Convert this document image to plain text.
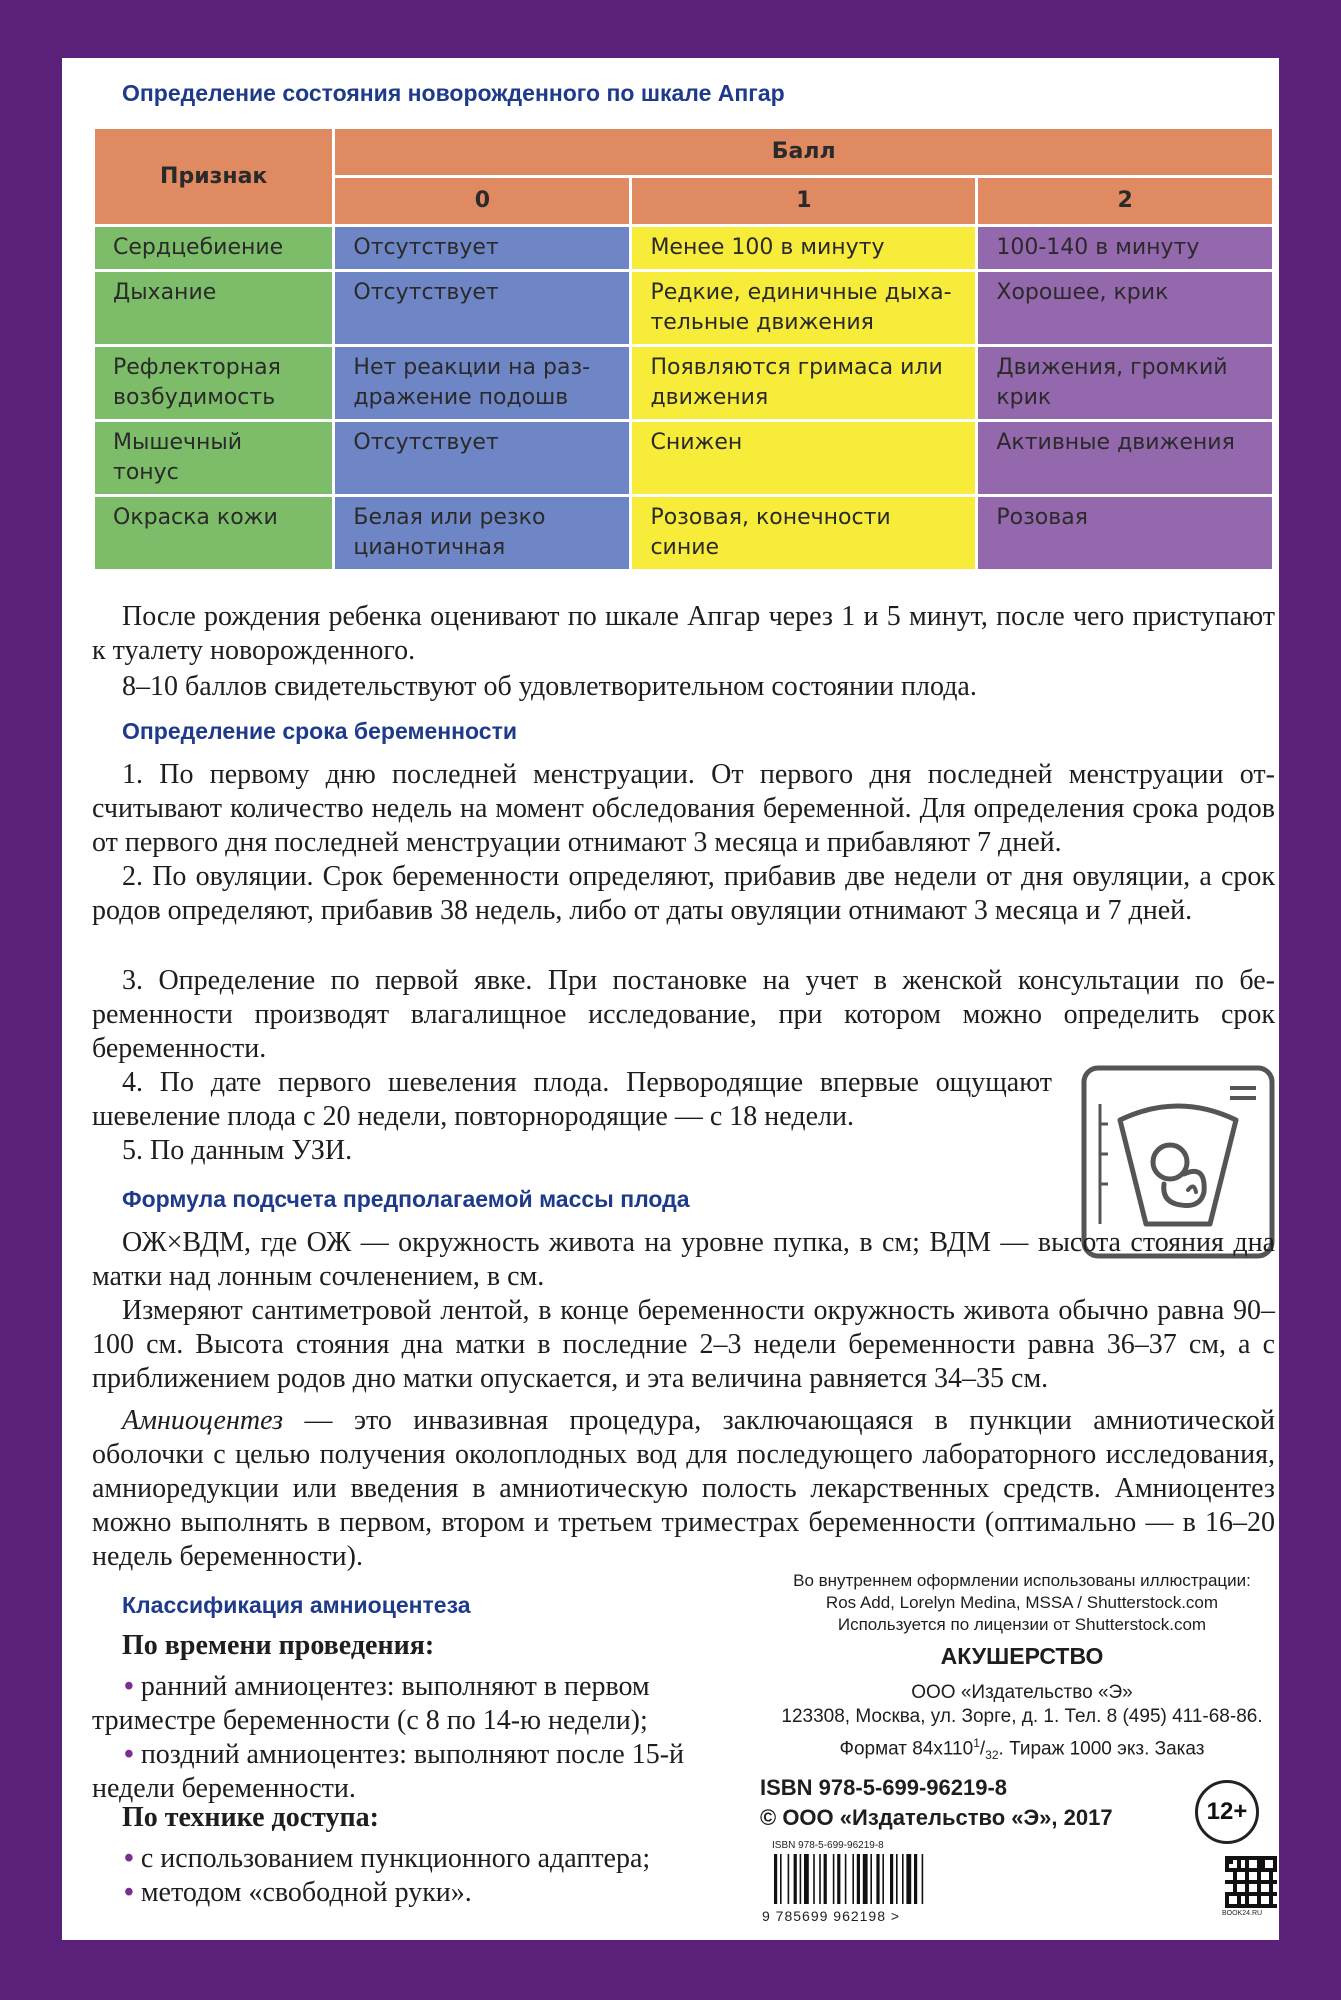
Определение состояния новорожденного по шкале Апгар
Признак	Балл		
	0	1	2
Сердцебиение	Отсутствует	Менее 100 в минуту	100-140 в минуту
Дыхание	Отсутствует	Редкие, единичные дыхательные движения	Хорошее, крик
Рефлекторная возбудимость	Нет реакции на раздражение подошв	Появляются гримаса или движения	Движения, громкий крик
Мышечный тонус	Отсутствует	Снижен	Активные движения
Окраска кожи	Белая или резко цианотичная	Розовая, конечности синие	Розовая

После рождения ребенка оценивают по шкале Апгар через 1 и 5 минут, после чего приступают к туалету новорожденного.

8–10 баллов свидетельствуют об удовлетворительном состоянии плода.

Определение срока беременности

1. По первому дню последней менструации. От первого дня последней менструации отсчитывают количество недель на момент обследования беременной. Для определения срока родов от первого дня последней менструации отнимают 3 месяца и прибавляют 7 дней.

2. По овуляции. Срок беременности определяют, прибавив две недели от дня овуляции, а срок родов определяют, прибавив 38 недель, либо от даты овуляции отнимают 3 месяца и 7 дней.

3. Определение по первой явке. При постановке на учет в женской консультации по беременности производят влагалищное исследование, при котором можно определить срок беременности.

4. По дате первого шевеления плода. Первородящие впервые ощущают шевеление плода с 20 недели, повторнородящие — с 18 недели.

5. По данным УЗИ.

Формула подсчета предполагаемой массы плода

ОЖ×ВДМ, где ОЖ — окружность живота на уровне пупка, в см; ВДМ — высота стояния дна матки над лонным сочленением, в см.

Измеряют сантиметровой лентой, в конце беременности окружность живота обычно равна 90–100 см. Высота стояния дна матки в последние 2–3 недели беременности равна 36–37 см, а с приближением родов дно матки опускается, и эта величина равняется 34–35 см.

Амниоцентез — это инвазивная процедура, заключающаяся в пункции амниотической оболочки с целью получения околоплодных вод для последующего лабораторного исследования, амниоредукции или введения в амниотическую полость лекарственных средств. Амниоцентез можно выполнять в первом, втором и третьем триместрах беременности (оптимально — в 16–20 недель беременности).

Классификация амниоцентеза

По времени проведения:

• ранний амниоцентез: выполняют в первом триместре беременности (с 8 по 14-ю недели);

• поздний амниоцентез: выполняют после 15-й недели беременности.

По технике доступа:

• с использованием пункционного адаптера;

• методом «свободной руки».

Во внутреннем оформлении использованы иллюстрации:
Ros Add, Lorelyn Medina, MSSA / Shutterstock.com
Используется по лицензии от Shutterstock.com

АКУШЕРСТВО

ООО «Издательство «Э»

123308, Москва, ул. Зорге, д. 1. Тел. 8 (495) 411-68-86.

Формат $84x110^1/_{32}$. Тираж 1000 экз. Заказ

ISBN 978-5-699-96219-8

© ООО «Издательство «Э», 2017	12+

ISBN 978-5-699-96219-8

9 785699 962198 >	BOOK24.RU
